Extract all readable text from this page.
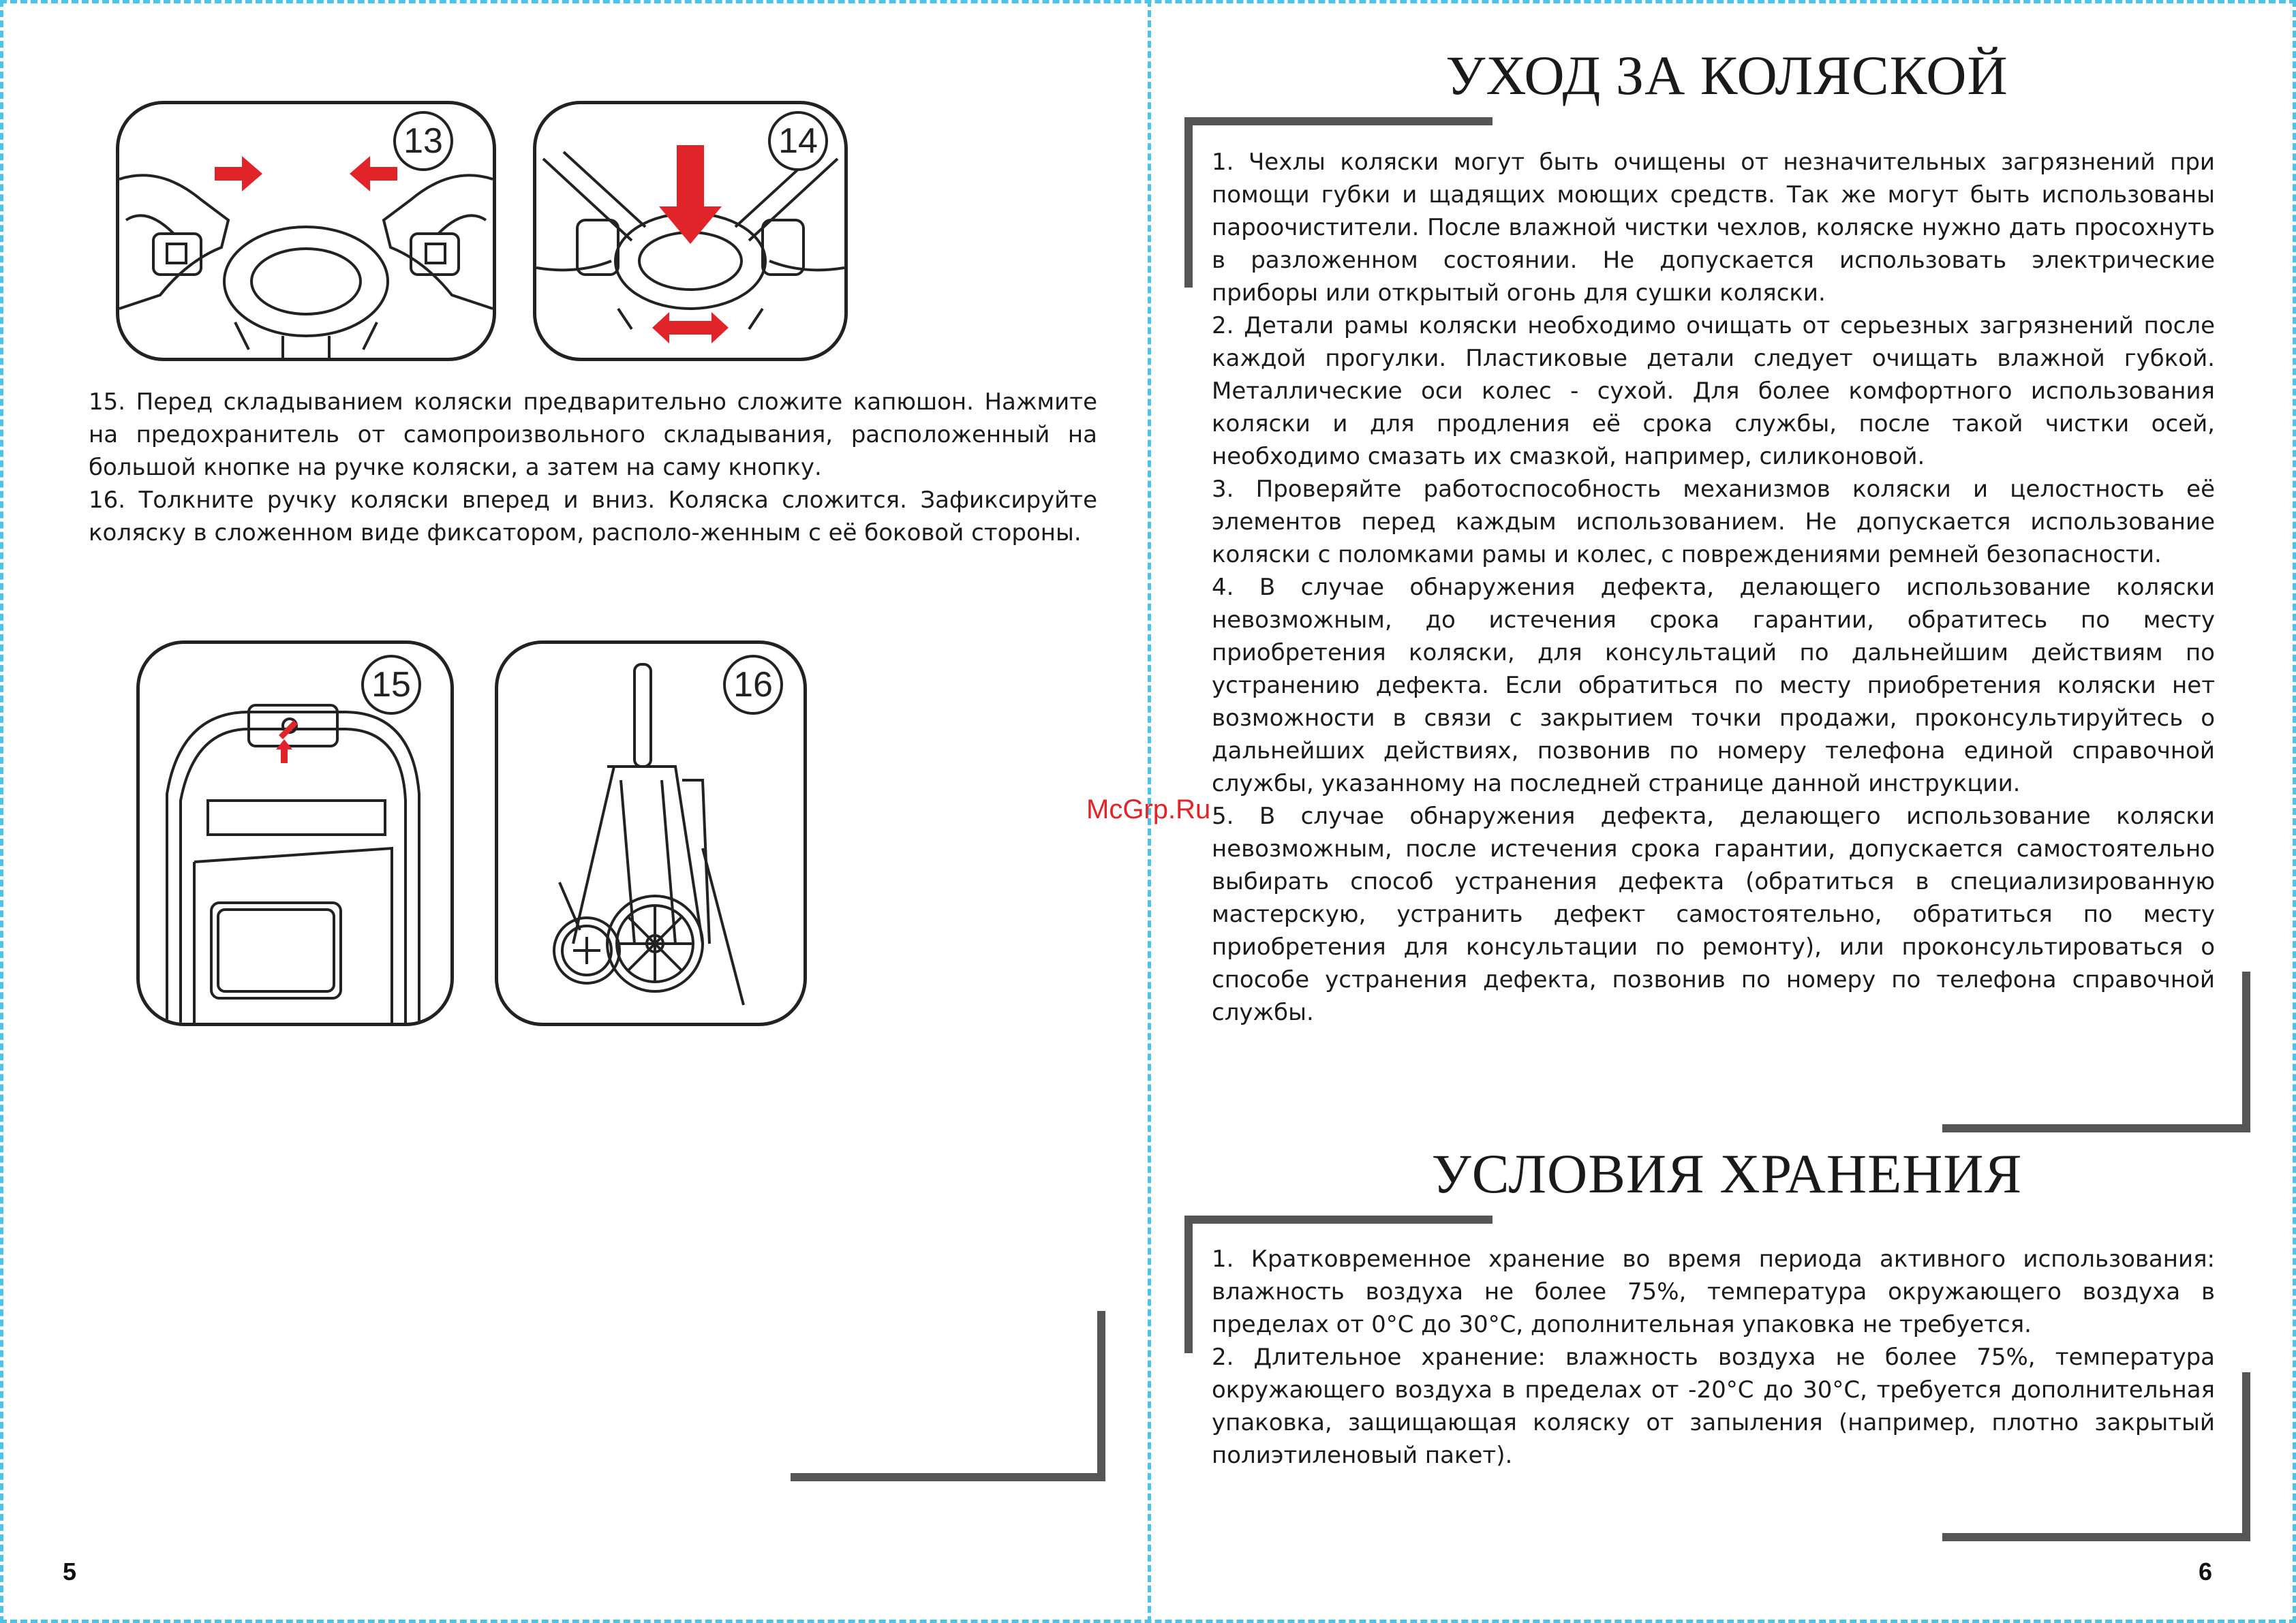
13	14

15. Перед складыванием коляски предварительно сложите капюшон. Нажмите на предохранитель от самопроизвольного складывания, расположенный на большой кнопке на ручке коляски, а затем на саму кнопку.

16. Толкните ручку коляски вперед и вниз. Коляска сложится. Зафиксируйте коляску в сложенном виде фиксатором, располо-женным с её боковой стороны.

15	16
5
УХОД ЗА КОЛЯСКОЙ

1. Чехлы коляски могут быть очищены от незначительных загрязнений при помощи губки и щадящих моющих средств. Так же могут быть использованы пароочистители. После влажной чистки чехлов, коляске нужно дать просохнуть в разложенном состоянии. Не допускается использовать электрические приборы или открытый огонь для сушки коляски.

2. Детали рамы коляски необходимо очищать от серьезных загрязнений после каждой прогулки. Пластиковые детали следует очищать влажной губкой. Металлические оси колес - сухой. Для более комфортного использования коляски и для продления её срока службы, после такой чистки осей, необходимо смазать их смазкой, например, силиконовой.

3. Проверяйте работоспособность механизмов коляски и целостность её элементов перед каждым использованием. Не допускается использование коляски с поломками рамы и колес, с повреждениями ремней безопасности.

4. В случае обнаружения дефекта, делающего использование коляски невозможным, до истечения срока гарантии, обратитесь по месту приобретения коляски, для консультаций по дальнейшим действиям по устранению дефекта. Если обратиться по месту приобретения коляски нет возможности в связи с закрытием точки продажи, проконсультируйтесь о дальнейших действиях, позвонив по номеру телефона единой справочной службы, указанному на последней странице данной инструкции.

5. В случае обнаружения дефекта, делающего использование коляски невозможным, после истечения срока гарантии, допускается самостоятельно выбирать способ устранения дефекта (обратиться в специализированную мастерскую, устранить дефект самостоятельно, обратиться по месту приобретения для консультации по ремонту), или проконсультироваться о способе устранения дефекта, позвонив по номеру по телефона справочной службы.

УСЛОВИЯ ХРАНЕНИЯ

1. Кратковременное хранение во время периода активного использования: влажность воздуха не более 75%, температура окружающего воздуха в пределах от 0°С до 30°С, дополнительная упаковка не требуется.

2. Длительное хранение: влажность воздуха не более 75%, температура окружающего воздуха в пределах от -20°С до 30°С, требуется дополнительная упаковка, защищающая коляску от запыления (например, плотно закрытый полиэтиленовый пакет).

6
McGrp.Ru
